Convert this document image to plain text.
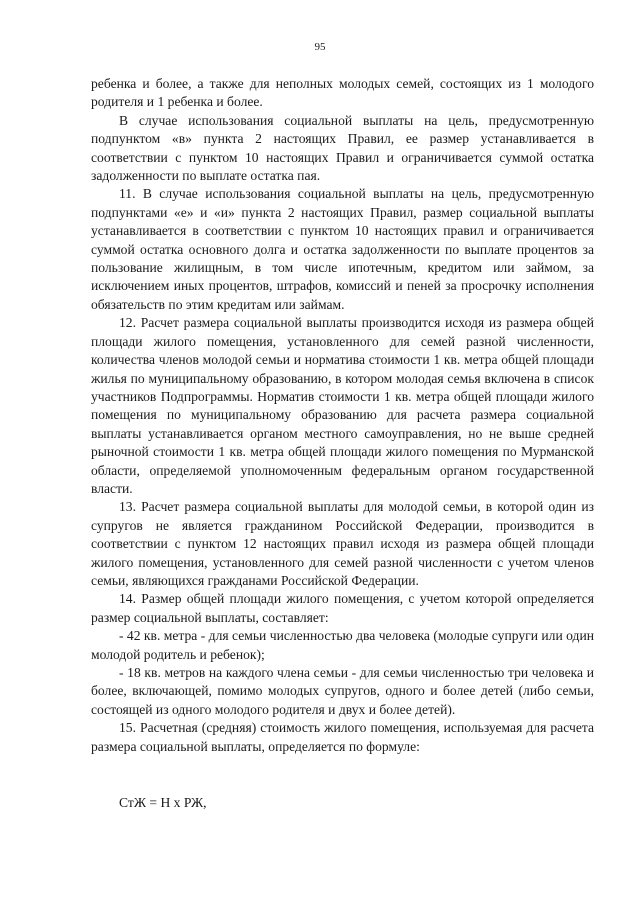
95

ребенка и более, а также для неполных молодых семей, состоящих из 1 молодого родителя и 1 ребенка и более.

В случае использования социальной выплаты на цель, предусмотренную подпунктом «в» пункта 2 настоящих Правил, ее размер устанавливается в соответствии с пунктом 10 настоящих Правил и ограничивается суммой остатка задолженности по выплате остатка пая.

11. В случае использования социальной выплаты на цель, предусмотренную подпунктами «е» и «и» пункта 2 настоящих Правил, размер социальной выплаты устанавливается в соответствии с пунктом 10 настоящих правил и ограничивается суммой остатка основного долга и остатка задолженности по выплате процентов за пользование жилищным, в том числе ипотечным, кредитом или займом, за исключением иных процентов, штрафов, комиссий и пеней за просрочку исполнения обязательств по этим кредитам или займам.

12. Расчет размера социальной выплаты производится исходя из размера общей площади жилого помещения, установленного для семей разной численности, количества членов молодой семьи и норматива стоимости 1 кв. метра общей площади жилья по муниципальному образованию, в котором молодая семья включена в список участников Подпрограммы. Норматив стоимости 1 кв. метра общей площади жилого помещения по муниципальному образованию для расчета размера социальной выплаты устанавливается органом местного самоуправления, но не выше средней рыночной стоимости 1 кв. метра общей площади жилого помещения по Мурманской области, определяемой уполномоченным федеральным органом государственной власти.

13. Расчет размера социальной выплаты для молодой семьи, в которой один из супругов не является гражданином Российской Федерации, производится в соответствии с пунктом 12 настоящих правил исходя из размера общей площади жилого помещения, установленного для семей разной численности с учетом членов семьи, являющихся гражданами Российской Федерации.

14. Размер общей площади жилого помещения, с учетом которой определяется размер социальной выплаты, составляет:

- 42 кв. метра - для семьи численностью два человека (молодые супруги или один молодой родитель и ребенок);

- 18 кв. метров на каждого члена семьи - для семьи численностью три человека и более, включающей, помимо молодых супругов, одного и более детей (либо семьи, состоящей из одного молодого родителя и двух и более детей).

15. Расчетная (средняя) стоимость жилого помещения, используемая для расчета размера социальной выплаты, определяется по формуле:

СтЖ = Н х РЖ,
